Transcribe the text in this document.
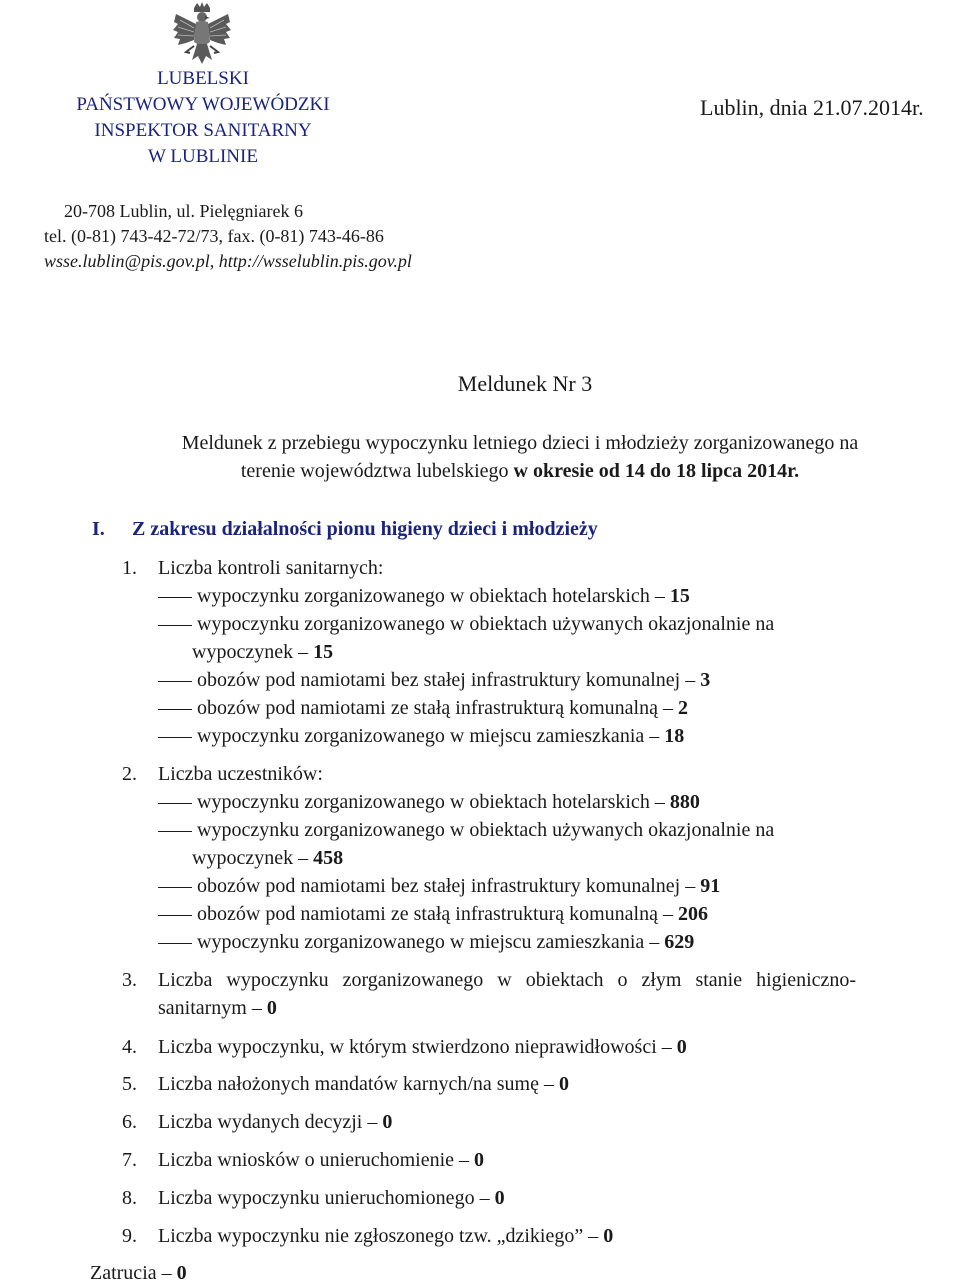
LUBELSKI
PAŃSTWOWY WOJEWÓDZKI
INSPEKTOR SANITARNY
W LUBLINIE
Lublin, dnia 21.07.2014r.
20-708 Lublin, ul. Pielęgniarek 6
tel. (0-81) 743-42-72/73, fax. (0-81) 743-46-86
wsse.lublin@pis.gov.pl, http://wsselublin.pis.gov.pl
Meldunek Nr 3
Meldunek z przebiegu wypoczynku letniego dzieci i młodzieży zorganizowanego na
terenie województwa lubelskiego w okresie od 14 do 18 lipca 2014r.
I. Z zakresu działalności pionu higieny dzieci i młodzieży
1. Liczba kontroli sanitarnych:
wypoczynku zorganizowanego w obiektach hotelarskich – 15
wypoczynku zorganizowanego w obiektach używanych okazjonalnie na
wypoczynek – 15
obozów pod namiotami bez stałej infrastruktury komunalnej – 3
obozów pod namiotami ze stałą infrastrukturą komunalną – 2
wypoczynku zorganizowanego w miejscu zamieszkania – 18
2. Liczba uczestników:
wypoczynku zorganizowanego w obiektach hotelarskich – 880
wypoczynku zorganizowanego w obiektach używanych okazjonalnie na
wypoczynek – 458
obozów pod namiotami bez stałej infrastruktury komunalnej – 91
obozów pod namiotami ze stałą infrastrukturą komunalną – 206
wypoczynku zorganizowanego w miejscu zamieszkania – 629
3. Liczba wypoczynku zorganizowanego w obiektach o złym stanie higieniczno-
sanitarnym – 0
4. Liczba wypoczynku, w którym stwierdzono nieprawidłowości – 0
5. Liczba nałożonych mandatów karnych/na sumę – 0
6. Liczba wydanych decyzji – 0
7. Liczba wniosków o unieruchomienie – 0
8. Liczba wypoczynku unieruchomionego – 0
9. Liczba wypoczynku nie zgłoszonego tzw. „dzikiego” – 0
Zatrucia – 0
